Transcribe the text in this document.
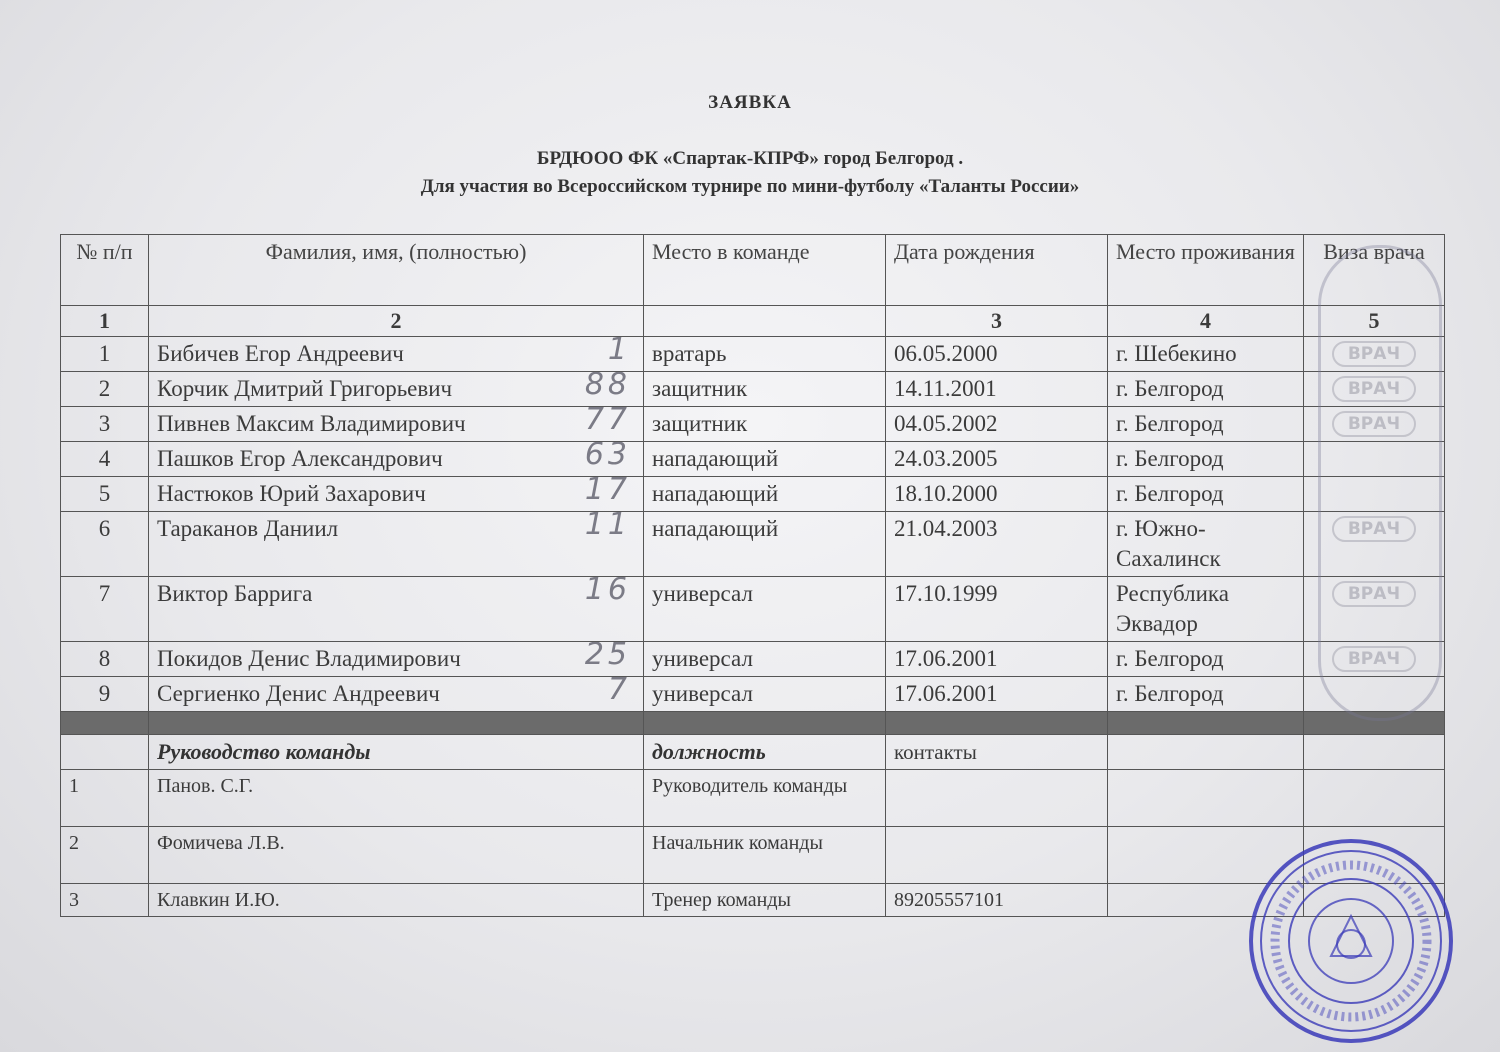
ЗАЯВКА
БРДЮОО ФК «Спартак-КПРФ» город Белгород .
Для участия во Всероссийском турнире по мини-футболу «Таланты России»
№ п/п	Фамилия, имя, (полностью)	Место в команде	Дата рождения	Место проживания	Виза врача
1	2		3	4	5
1	Бибичев Егор Андреевич 1	вратарь	06.05.2000	г. Шебекино	ВРАЧ

2	Корчик Дмитрий Григорьевич 88	защитник	14.11.2001	г. Белгород	ВРАЧ

3	Пивнев Максим Владимирович 77	защитник	04.05.2002	г. Белгород	ВРАЧ

4	Пашков Егор Александрович 63	нападающий	24.03.2005	г. Белгород	
5	Настюков Юрий Захарович 17	нападающий	18.10.2000	г. Белгород	
6	Тараканов Даниил 11	нападающий	21.04.2003	г. Южно-Сахалинск	ВРАЧ

7	Виктор Баррига 16	универсал	17.10.1999	Республика Эквадор	ВРАЧ

8	Покидов Денис Владимирович 25	универсал	17.06.2001	г. Белгород	ВРАЧ

9	Сергиенко Денис Андреевич 7	универсал	17.06.2001	г. Белгород	

	Руководство команды	должность	контакты		
1	Панов. С.Г.	Руководитель команды			
2	Фомичева Л.В.	Начальник команды			
3	Клавкин И.Ю.	Тренер команды	89205557101		
